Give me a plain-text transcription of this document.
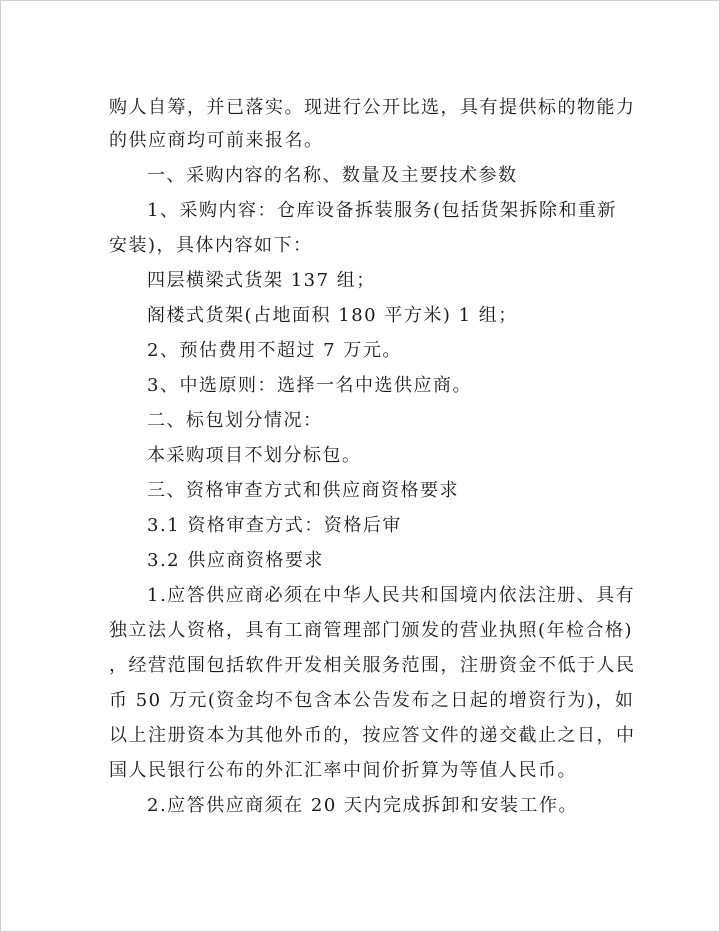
购人自筹，并已落实。现进行公开比选，具有提供标的物能力
的供应商均可前来报名。
一、采购内容的名称、数量及主要技术参数
1、采购内容：仓库设备拆装服务(包括货架拆除和重新
安装)，具体内容如下：
四层横梁式货架 137 组；
阁楼式货架(占地面积 180 平方米) 1 组；
2、预估费用不超过 7 万元。
3、中选原则：选择一名中选供应商。
二、标包划分情况：
本采购项目不划分标包。
三、资格审查方式和供应商资格要求
3.1 资格审查方式：资格后审
3.2 供应商资格要求
1.应答供应商必须在中华人民共和国境内依法注册、具有
独立法人资格，具有工商管理部门颁发的营业执照(年检合格)
，经营范围包括软件开发相关服务范围，注册资金不低于人民
币 50 万元(资金均不包含本公告发布之日起的增资行为)，如
以上注册资本为其他外币的，按应答文件的递交截止之日，中
国人民银行公布的外汇汇率中间价折算为等值人民币。
2.应答供应商须在 20 天内完成拆卸和安装工作。
